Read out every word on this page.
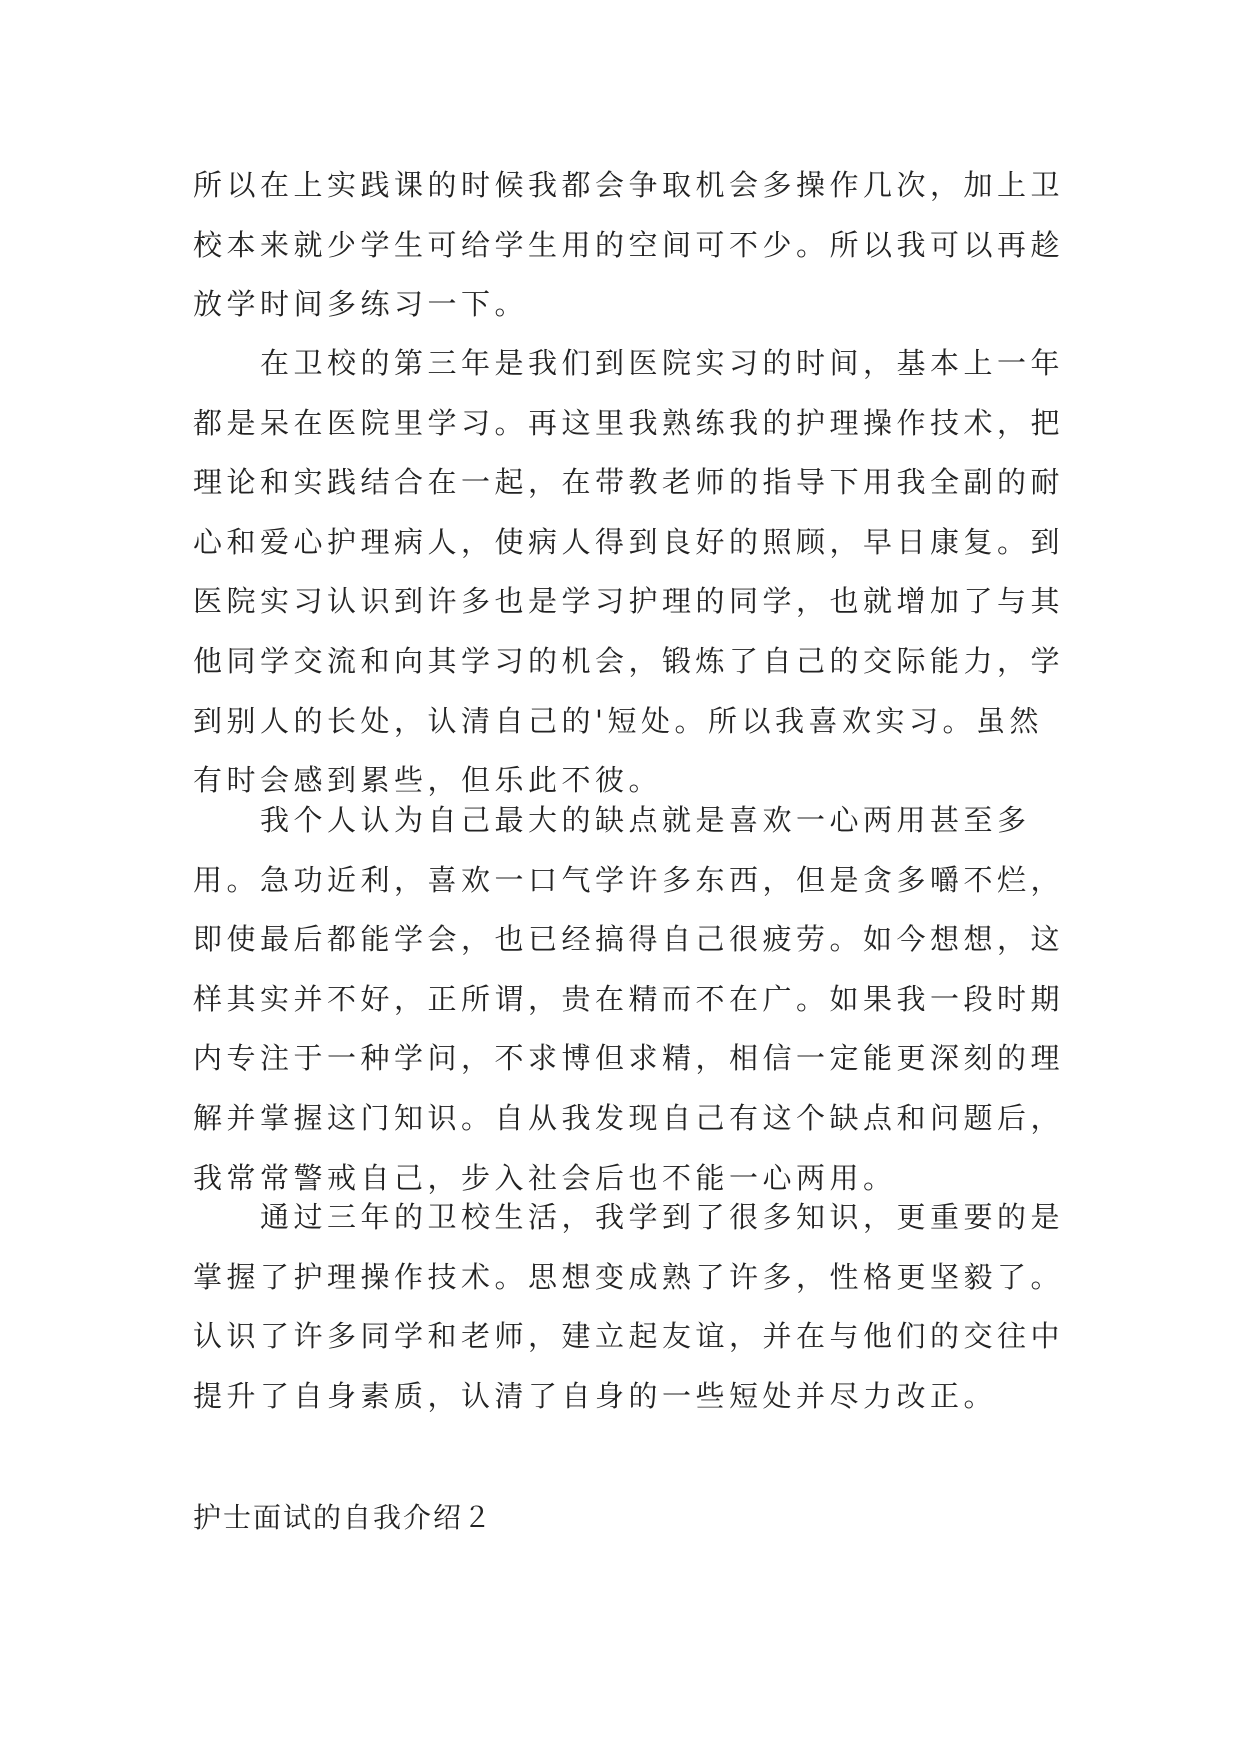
所以在上实践课的时候我都会争取机会多操作几次，加上卫
校本来就少学生可给学生用的空间可不少。所以我可以再趁
放学时间多练习一下。
　　在卫校的第三年是我们到医院实习的时间，基本上一年
都是呆在医院里学习。再这里我熟练我的护理操作技术，把
理论和实践结合在一起，在带教老师的指导下用我全副的耐
心和爱心护理病人，使病人得到良好的照顾，早日康复。到
医院实习认识到许多也是学习护理的同学，也就增加了与其
他同学交流和向其学习的机会，锻炼了自己的交际能力，学
到别人的长处，认清自己的'短处。所以我喜欢实习。虽然
有时会感到累些，但乐此不彼。
　　我个人认为自己最大的缺点就是喜欢一心两用甚至多
用。急功近利，喜欢一口气学许多东西，但是贪多嚼不烂，
即使最后都能学会，也已经搞得自己很疲劳。如今想想，这
样其实并不好，正所谓，贵在精而不在广。如果我一段时期
内专注于一种学问，不求博但求精，相信一定能更深刻的理
解并掌握这门知识。自从我发现自己有这个缺点和问题后，
我常常警戒自己，步入社会后也不能一心两用。
　　通过三年的卫校生活，我学到了很多知识，更重要的是
掌握了护理操作技术。思想变成熟了许多，性格更坚毅了。
认识了许多同学和老师，建立起友谊，并在与他们的交往中
提升了自身素质，认清了自身的一些短处并尽力改正。
护士面试的自我介绍２
